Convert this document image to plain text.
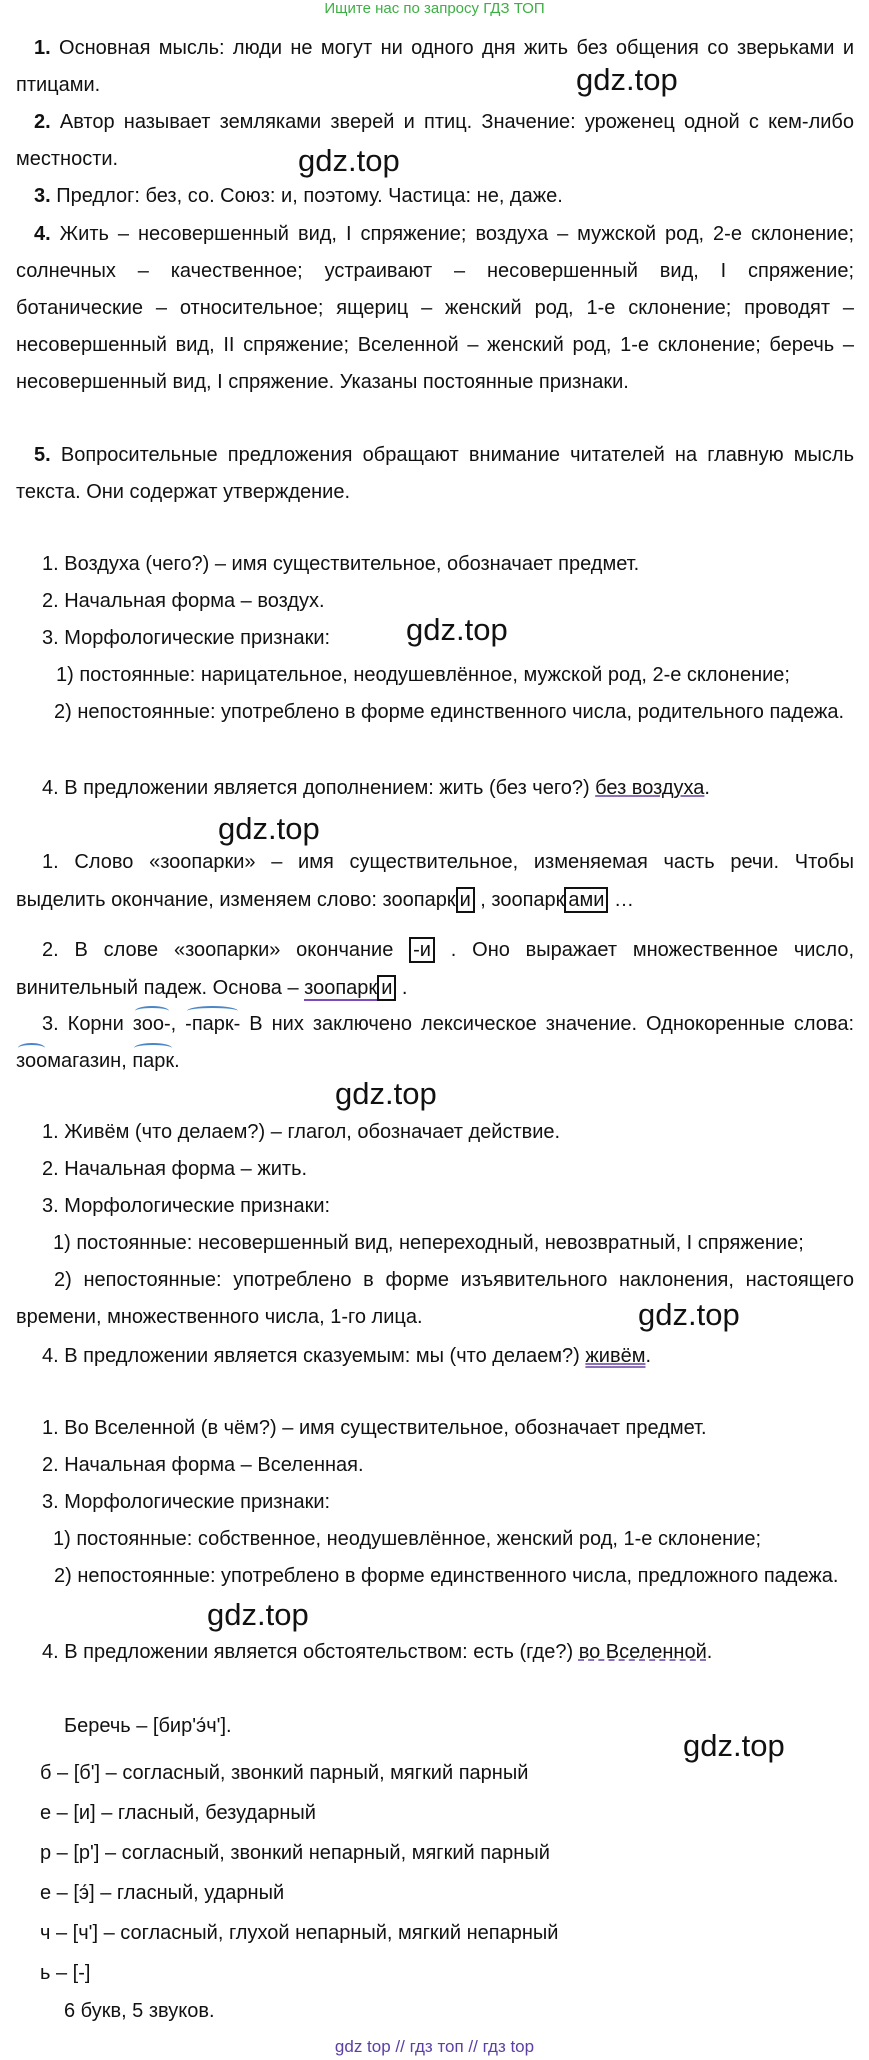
Ищите нас по запросу ГДЗ ТОП

1. Основная мысль: люди не могут ни одного дня жить без общения со зверьками и птицами.

2. Автор называет земляками зверей и птиц. Значение: уроженец одной с кем-либо местности.

3. Предлог: без, со. Союз: и, поэтому. Частица: не, даже.

4. Жить – несовершенный вид, I спряжение; воздуха – мужской род, 2-е склонение; солнечных – качественное; устраивают – несовершенный вид, I спряжение; ботанические – относительное; ящериц – женский род, 1-е склонение; проводят – несовершенный вид, II спряжение; Вселенной – женский род, 1-е склонение; беречь – несовершенный вид, I спряжение. Указаны постоянные признаки.

5. Вопросительные предложения обращают внимание читателей на главную мысль текста. Они содержат утверждение.

1. Воздуха (чего?) – имя существительное, обозначает предмет.
2. Начальная форма – воздух.
3. Морфологические признаки:
1) постоянные: нарицательное, неодушевлённое, мужской род, 2-е склонение;

2) непостоянные: употреблено в форме единственного числа, родительного падежа.

4. В предложении является дополнением: жить (без чего?) без воздуха.

1. Слово «зоопарки» – имя существительное, изменяемая часть речи. Чтобы выделить окончание, изменяем слово: зоопарк и , зоопарк ами …

2. В слове «зоопарки» окончание -и . Оно выражает множественное число, винительный падеж. Основа – зоопарк и .

3. Корни зоо-, -парк- В них заключено лексическое значение. Однокоренные слова: зоомагазин, парк.

1. Живём (что делаем?) – глагол, обозначает действие.
2. Начальная форма – жить.
3. Морфологические признаки:
1) постоянные: несовершенный вид, непереходный, невозвратный, I спряжение;

2) непостоянные: употреблено в форме изъявительного наклонения, настоящего времени, множественного числа, 1-го лица.

4. В предложении является сказуемым: мы (что делаем?) живём.
1. Во Вселенной (в чём?) – имя существительное, обозначает предмет.
2. Начальная форма – Вселенная.
3. Морфологические признаки:
1) постоянные: собственное, неодушевлённое, женский род, 1-е склонение;

2) непостоянные: употреблено в форме единственного числа, предложного падежа.

4. В предложении является обстоятельством: есть (где?) во Вселенной.
Беречь – [бир'э́ч'].
б – [б'] – согласный, звонкий парный, мягкий парный
е – [и] – гласный, безударный
р – [р'] – согласный, звонкий непарный, мягкий парный
е – [э́] – гласный, ударный
ч – [ч'] – согласный, глухой непарный, мягкий непарный
ь – [-]
6 букв, 5 звуков.
gdz.top
gdz.top
gdz.top
gdz.top
gdz.top
gdz.top
gdz.top
gdz.top
gdz top // гдз топ // гдз top
